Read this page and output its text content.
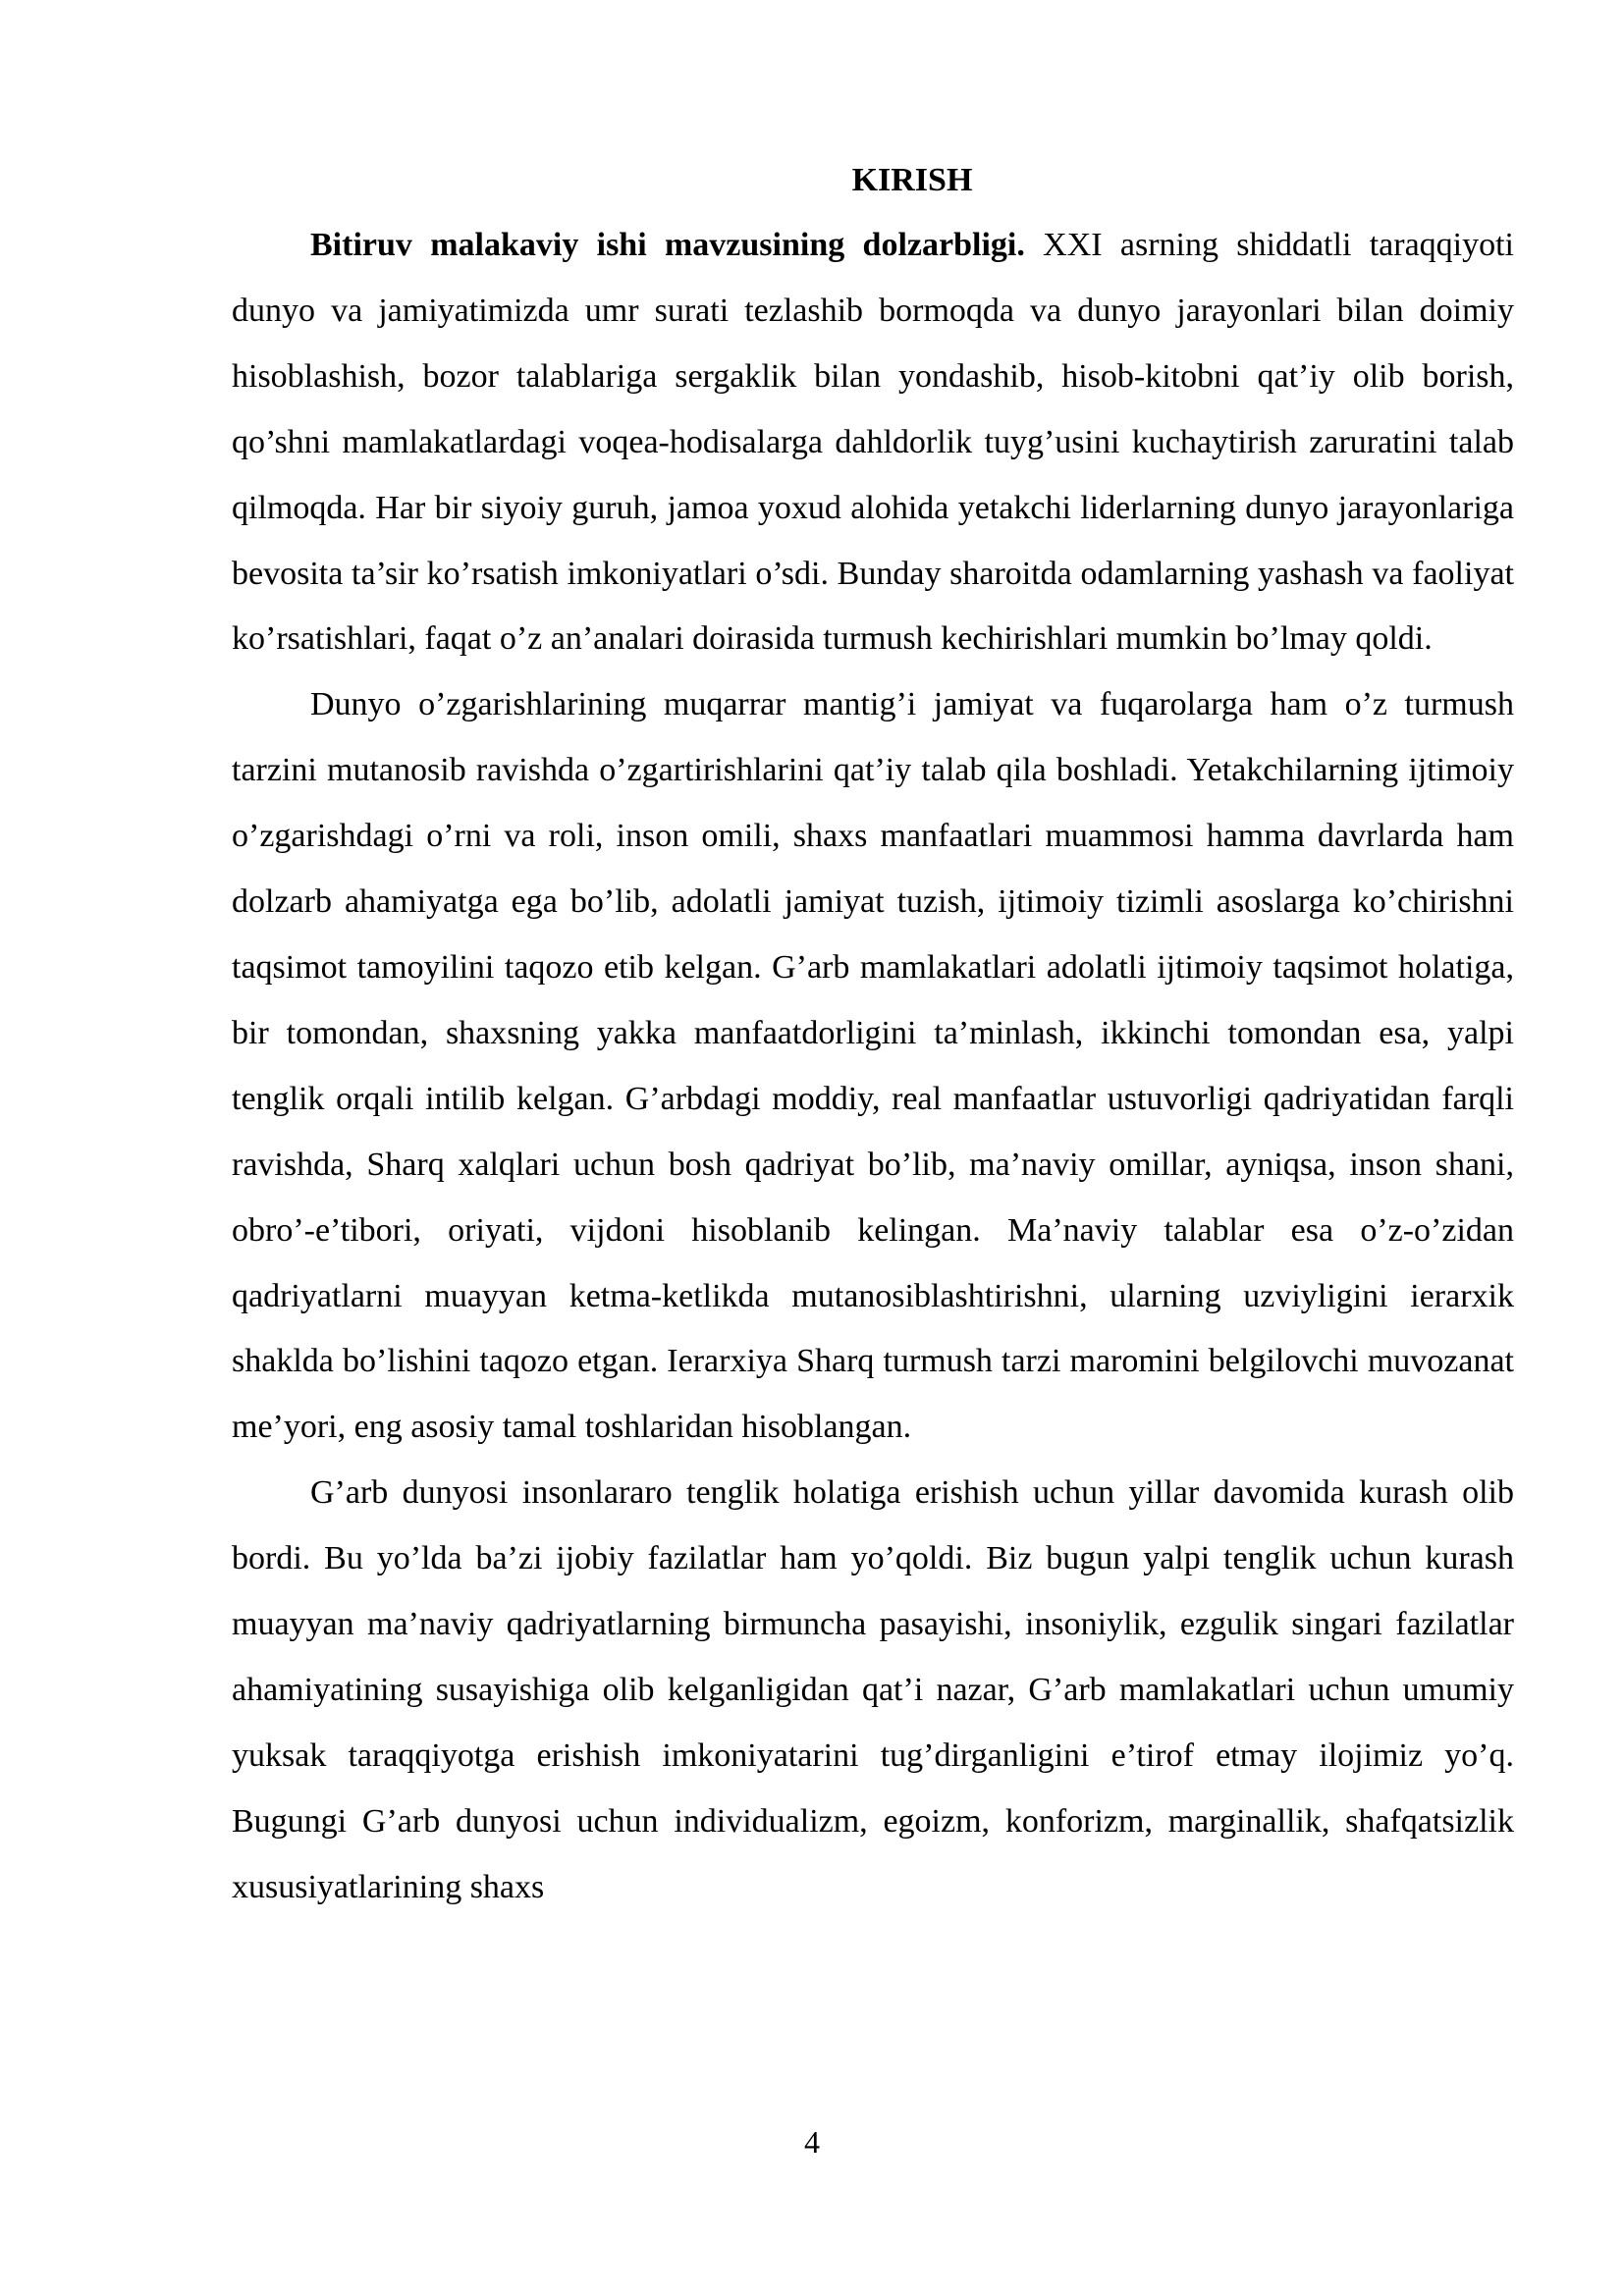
KIRISH

Bitiruv malakaviy ishi mavzusining dolzarbligi. XXI asrning shiddatli taraqqiyoti dunyo va jamiyatimizda umr surati tezlashib bormoqda va dunyo jarayonlari bilan doimiy hisoblashish, bozor talablariga sergaklik bilan yondashib, hisob-kitobni qat’iy olib borish, qo’shni mamlakatlardagi voqea-hodisalarga dahldorlik tuyg’usini kuchaytirish zaruratini talab qilmoqda. Har bir siyoiy guruh, jamoa yoxud alohida yetakchi liderlarning dunyo jarayonlariga bevosita ta’sir ko’rsatish imkoniyatlari o’sdi. Bunday sharoitda odamlarning yashash va faoliyat ko’rsatishlari, faqat o’z an’analari doirasida turmush kechirishlari mumkin bo’lmay qoldi.

Dunyo o’zgarishlarining muqarrar mantig’i jamiyat va fuqarolarga ham o’z turmush tarzini mutanosib ravishda o’zgartirishlarini qat’iy talab qila boshladi. Yetakchilarning ijtimoiy o’zgarishdagi o’rni va roli, inson omili, shaxs manfaatlari muammosi hamma davrlarda ham dolzarb ahamiyatga ega bo’lib, adolatli jamiyat tuzish, ijtimoiy tizimli asoslarga ko’chirishni taqsimot tamoyilini taqozo etib kelgan. G’arb mamlakatlari adolatli ijtimoiy taqsimot holatiga, bir tomondan, shaxsning yakka manfaatdorligini ta’minlash, ikkinchi tomondan esa, yalpi tenglik orqali intilib kelgan. G’arbdagi moddiy, real manfaatlar ustuvorligi qadriyatidan farqli ravishda, Sharq xalqlari uchun bosh qadriyat bo’lib, ma’naviy omillar, ayniqsa, inson shani, obro’-e’tibori, oriyati, vijdoni hisoblanib kelingan. Ma’naviy talablar esa o’z-o’zidan qadriyatlarni muayyan ketma-ketlikda mutanosiblashtirishni, ularning uzviyligini ierarxik shaklda bo’lishini taqozo etgan. Ierarxiya Sharq turmush tarzi maromini belgilovchi muvozanat me’yori, eng asosiy tamal toshlaridan hisoblangan.

G’arb dunyosi insonlararo tenglik holatiga erishish uchun yillar davomida kurash olib bordi. Bu yo’lda ba’zi ijobiy fazilatlar ham yo’qoldi. Biz bugun yalpi tenglik uchun kurash muayyan ma’naviy qadriyatlarning birmuncha pasayishi, insoniylik, ezgulik singari fazilatlar ahamiyatining susayishiga olib kelganligidan qat’i nazar, G’arb mamlakatlari uchun umumiy yuksak taraqqiyotga erishish imkoniyatarini tug’dirganligini e’tirof etmay ilojimiz yo’q. Bugungi G’arb dunyosi uchun individualizm, egoizm, konforizm, marginallik, shafqatsizlik xususiyatlarining shaxs

4
